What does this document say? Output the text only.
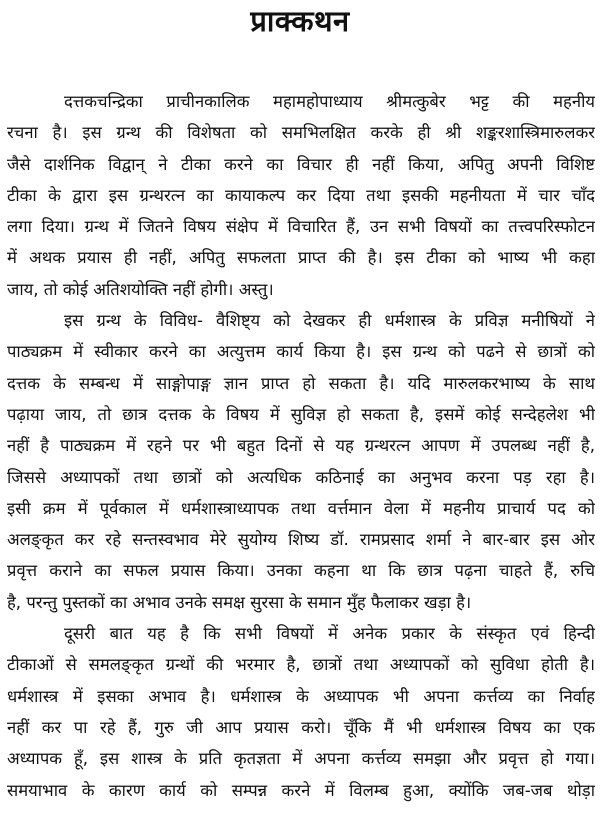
प्राक्कथन
दत्तकचन्द्रिका प्राचीनकालिक महामहोपाध्याय श्रीमत्कुबेर भट्ट की महनीय
रचना है। इस ग्रन्थ की विशेषता को समभिलक्षित करके ही श्री शङ्करशास्त्रिमारुलकर
जैसे दार्शनिक विद्वान् ने टीका करने का विचार ही नहीं किया, अपितु अपनी विशिष्ट
टीका के द्वारा इस ग्रन्थरत्न का कायाकल्प कर दिया तथा इसकी महनीयता में चार चाँद
लगा दिया। ग्रन्थ में जितने विषय संक्षेप में विचारित हैं, उन सभी विषयों का तत्त्वपरिस्फोटन
में अथक प्रयास ही नहीं, अपितु सफलता प्राप्त की है। इस टीका को भाष्य भी कहा
जाय, तो कोई अतिशयोक्ति नहीं होगी। अस्तु।
इस ग्रन्थ के विविध- वैशिष्ट्य को देखकर ही धर्मशास्त्र के प्रविज्ञ मनीषियों ने
पाठ्यक्रम में स्वीकार करने का अत्युत्तम कार्य किया है। इस ग्रन्थ को पढने से छात्रों को
दत्तक के सम्बन्ध में साङ्गोपाङ्ग ज्ञान प्राप्त हो सकता है। यदि मारुलकरभाष्य के साथ
पढ़ाया जाय, तो छात्र दत्तक के विषय में सुविज्ञ हो सकता है, इसमें कोई सन्देहलेश भी
नहीं है पाठ्यक्रम में रहने पर भी बहुत दिनों से यह ग्रन्थरत्न आपण में उपलब्ध नहीं है,
जिससे अध्यापकों तथा छात्रों को अत्यधिक कठिनाई का अनुभव करना पड़ रहा है।
इसी क्रम में पूर्वकाल में धर्मशास्त्राध्यापक तथा वर्त्तमान वेला में महनीय प्राचार्य पद को
अलङ्कृत कर रहे सन्तस्वभाव मेरे सुयोग्य शिष्य डॉ. रामप्रसाद शर्मा ने बार-बार इस ओर
प्रवृत्त कराने का सफल प्रयास किया। उनका कहना था कि छात्र पढ़ना चाहते हैं, रुचि
है, परन्तु पुस्तकों का अभाव उनके समक्ष सुरसा के समान मुँह फैलाकर खड़ा है।
दूसरी बात यह है कि सभी विषयों में अनेक प्रकार के संस्कृत एवं हिन्दी
टीकाओं से समलङ्कृत ग्रन्थों की भरमार है, छात्रों तथा अध्यापकों को सुविधा होती है।
धर्मशास्त्र में इसका अभाव है। धर्मशास्त्र के अध्यापक भी अपना कर्त्तव्य का निर्वाह
नहीं कर पा रहे हैं, गुरु जी आप प्रयास करो। चूँकि मैं भी धर्मशास्त्र विषय का एक
अध्यापक हूँ, इस शास्त्र के प्रति कृतज्ञता में अपना कर्त्तव्य समझा और प्रवृत्त हो गया।
समयाभाव के कारण कार्य को सम्पन्न करने में विलम्ब हुआ, क्योंकि जब-जब थोड़ा
